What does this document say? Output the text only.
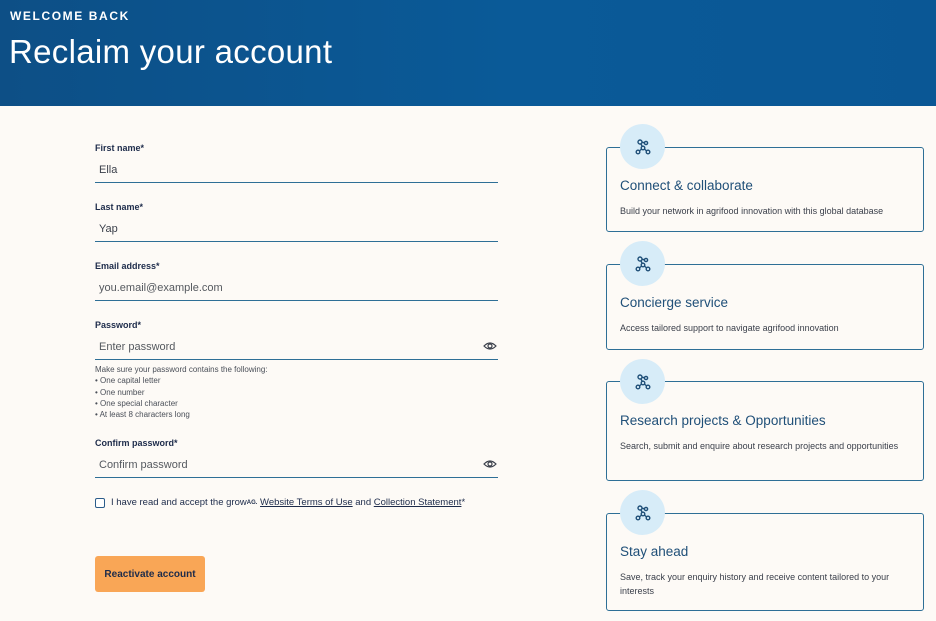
WELCOME BACK
Reclaim your account
First name*
Ella
Last name*
Yap
Email address*
you.email@example.com
Password*
Make sure your password contains the following:
• One capital letter
• One number
• One special character
• At least 8 characters long
Confirm password*
I have read and accept the grow AG.
Website Terms of Use
and
Collection Statement *
Reactivate account
Connect & collaborate
Build your network in agrifood innovation with this global database
Concierge service
Access tailored support to navigate agrifood innovation
Research projects & Opportunities
Search, submit and enquire about research projects and opportunities
Stay ahead
Save, track your enquiry history and receive content tailored to your interests
